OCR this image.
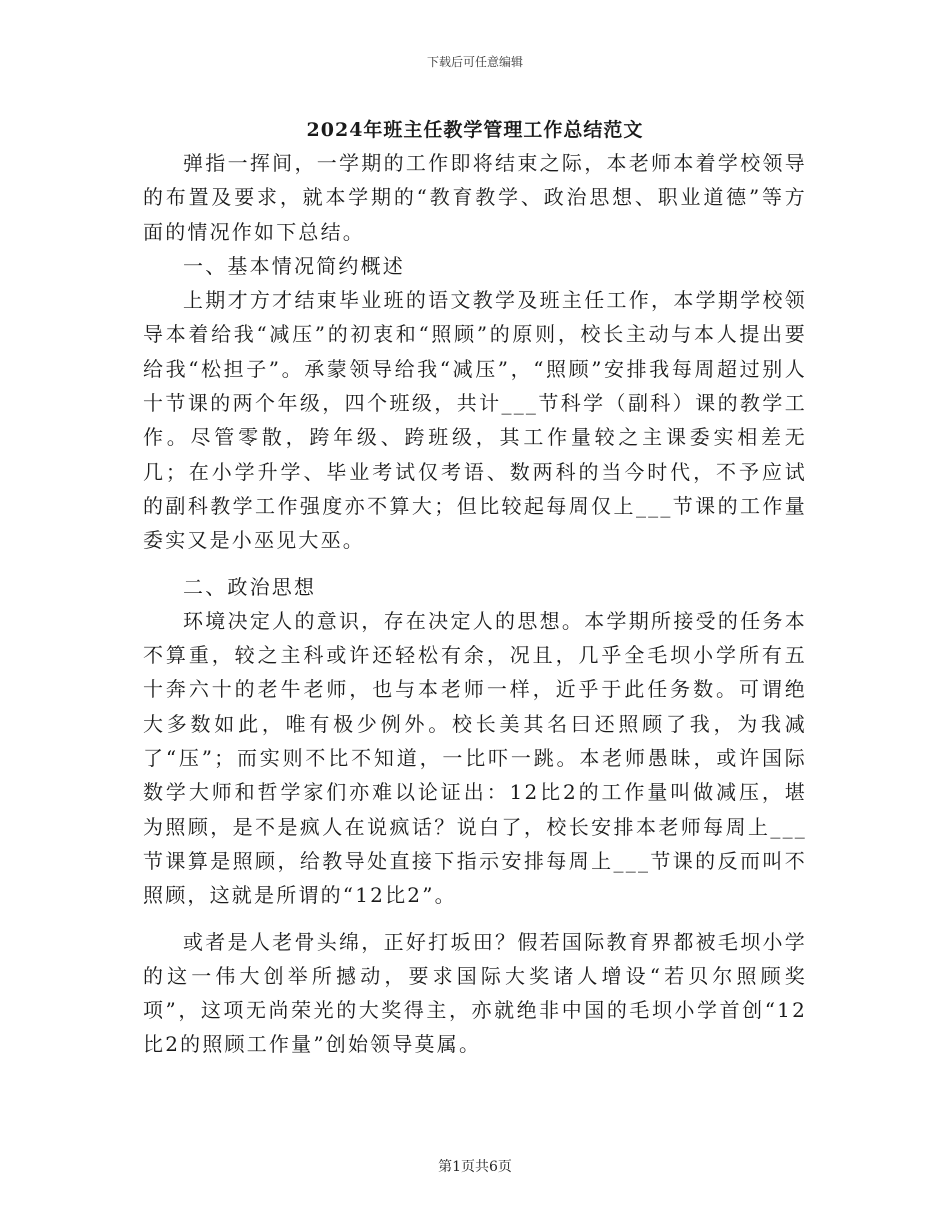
下载后可任意编辑
2024年班主任教学管理工作总结范文

弹指一挥间，一学期的工作即将结束之际，本老师本着学校领导的布置及要求，就本学期的“教育教学、政治思想、职业道德”等方面的情况作如下总结。

一、基本情况简约概述

上期才方才结束毕业班的语文教学及班主任工作，本学期学校领导本着给我“减压”的初衷和“照顾”的原则，校长主动与本人提出要给我“松担子”。承蒙领导给我“减压”，“照顾”安排我每周超过别人十节课的两个年级，四个班级，共计___节科学（副科）课的教学工作。尽管零散，跨年级、跨班级，其工作量较之主课委实相差无几；在小学升学、毕业考试仅考语、数两科的当今时代，不予应试的副科教学工作强度亦不算大；但比较起每周仅上___节课的工作量委实又是小巫见大巫。

二、政治思想

环境决定人的意识，存在决定人的思想。本学期所接受的任务本不算重，较之主科或许还轻松有余，况且，几乎全毛坝小学所有五十奔六十的老牛老师，也与本老师一样，近乎于此任务数。可谓绝大多数如此，唯有极少例外。校长美其名曰还照顾了我，为我减了“压”；而实则不比不知道，一比吓一跳。本老师愚昧，或许国际数学大师和哲学家们亦难以论证出：12比2的工作量叫做减压，堪为照顾，是不是疯人在说疯话？说白了，校长安排本老师每周上___节课算是照顾，给教导处直接下指示安排每周上___节课的反而叫不照顾，这就是所谓的“12比2”。

或者是人老骨头绵，正好打坂田？假若国际教育界都被毛坝小学的这一伟大创举所撼动，要求国际大奖诸人增设“若贝尔照顾奖项”，这项无尚荣光的大奖得主，亦就绝非中国的毛坝小学首创“12比2的照顾工作量”创始领导莫属。

第1页共6页
